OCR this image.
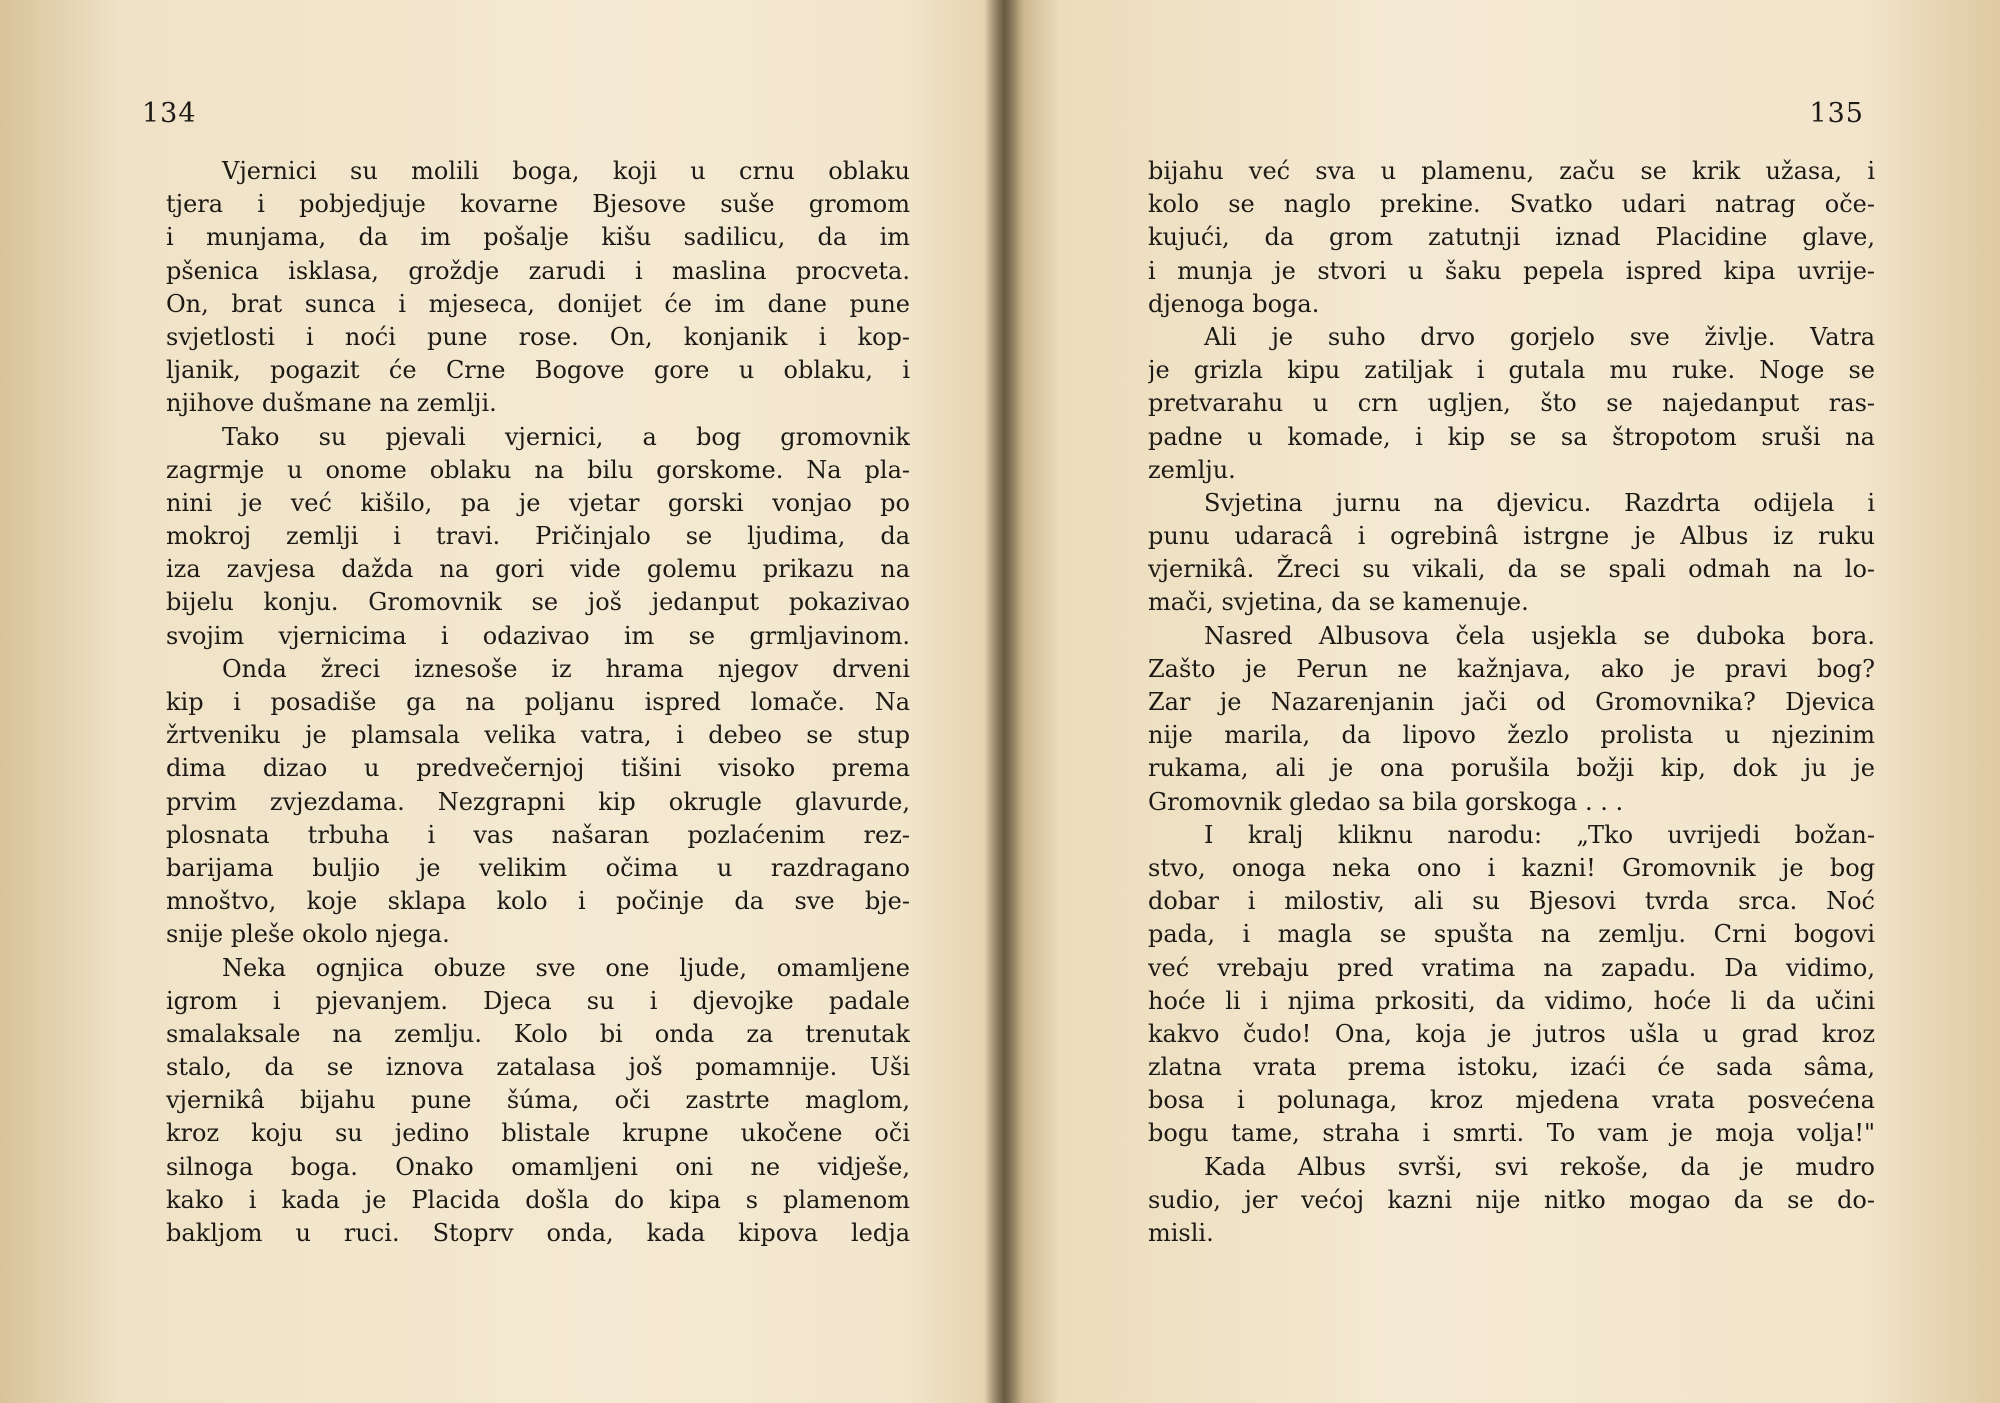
134
Vjernici su molili boga, koji u crnu oblaku
tjera i pobjedjuje kovarne Bjesove suše gromom
i munjama, da im pošalje kišu sadilicu, da im
pšenica isklasa, groždje zarudi i maslina procveta.
On, brat sunca i mjeseca, donijet će im dane pune
svjetlosti i noći pune rose. On, konjanik i kop-
ljanik, pogazit će Crne Bogove gore u oblaku, i
njihove dušmane na zemlji.
Tako su pjevali vjernici, a bog gromovnik
zagrmje u onome oblaku na bilu gorskome. Na pla-
nini je već kišilo, pa je vjetar gorski vonjao po
mokroj zemlji i travi. Pričinjalo se ljudima, da
iza zavjesa dažda na gori vide golemu prikazu na
bijelu konju. Gromovnik se još jedanput pokazivao
svojim vjernicima i odazivao im se grmljavinom.
Onda žreci iznesoše iz hrama njegov drveni
kip i posadiše ga na poljanu ispred lomače. Na
žrtveniku je plamsala velika vatra, i debeo se stup
dima dizao u predvečernjoj tišini visoko prema
prvim zvjezdama. Nezgrapni kip okrugle glavurde,
plosnata trbuha i vas našaran pozlaćenim rez-
barijama buljio je velikim očima u razdragano
mnoštvo, koje sklapa kolo i počinje da sve bje-
snije pleše okolo njega.
Neka ognjica obuze sve one ljude, omamljene
igrom i pjevanjem. Djeca su i djevojke padale
smalaksale na zemlju. Kolo bi onda za trenutak
stalo, da se iznova zatalasa još pomamnije. Uši
vjernikâ bijahu pune šúma, oči zastrte maglom,
kroz koju su jedino blistale krupne ukočene oči
silnoga boga. Onako omamljeni oni ne vidješe,
kako i kada je Placida došla do kipa s plamenom
bakljom u ruci. Stoprv onda, kada kipova ledja
135
bijahu već sva u plamenu, začu se krik užasa, i
kolo se naglo prekine. Svatko udari natrag oče-
kujući, da grom zatutnji iznad Placidine glave,
i munja je stvori u šaku pepela ispred kipa uvrije-
djenoga boga.
Ali je suho drvo gorjelo sve življe. Vatra
je grizla kipu zatiljak i gutala mu ruke. Noge se
pretvarahu u crn ugljen, što se najedanput ras-
padne u komade, i kip se sa štropotom sruši na
zemlju.
Svjetina jurnu na djevicu. Razdrta odijela i
punu udaracâ i ogrebinâ istrgne je Albus iz ruku
vjernikâ. Žreci su vikali, da se spali odmah na lo-
mači, svjetina, da se kamenuje.
Nasred Albusova čela usjekla se duboka bora.
Zašto je Perun ne kažnjava, ako je pravi bog?
Zar je Nazarenjanin jači od Gromovnika? Djevica
nije marila, da lipovo žezlo prolista u njezinim
rukama, ali je ona porušila božji kip, dok ju je
Gromovnik gledao sa bila gorskoga . . .
I kralj kliknu narodu: „Tko uvrijedi božan-
stvo, onoga neka ono i kazni! Gromovnik je bog
dobar i milostiv, ali su Bjesovi tvrda srca. Noć
pada, i magla se spušta na zemlju. Crni bogovi
već vrebaju pred vratima na zapadu. Da vidimo,
hoće li i njima prkositi, da vidimo, hoće li da učini
kakvo čudo! Ona, koja je jutros ušla u grad kroz
zlatna vrata prema istoku, izaći će sada sâma,
bosa i polunaga, kroz mjedena vrata posvećena
bogu tame, straha i smrti. To vam je moja volja!"
Kada Albus svrši, svi rekoše, da je mudro
sudio, jer većoj kazni nije nitko mogao da se do-
misli.
